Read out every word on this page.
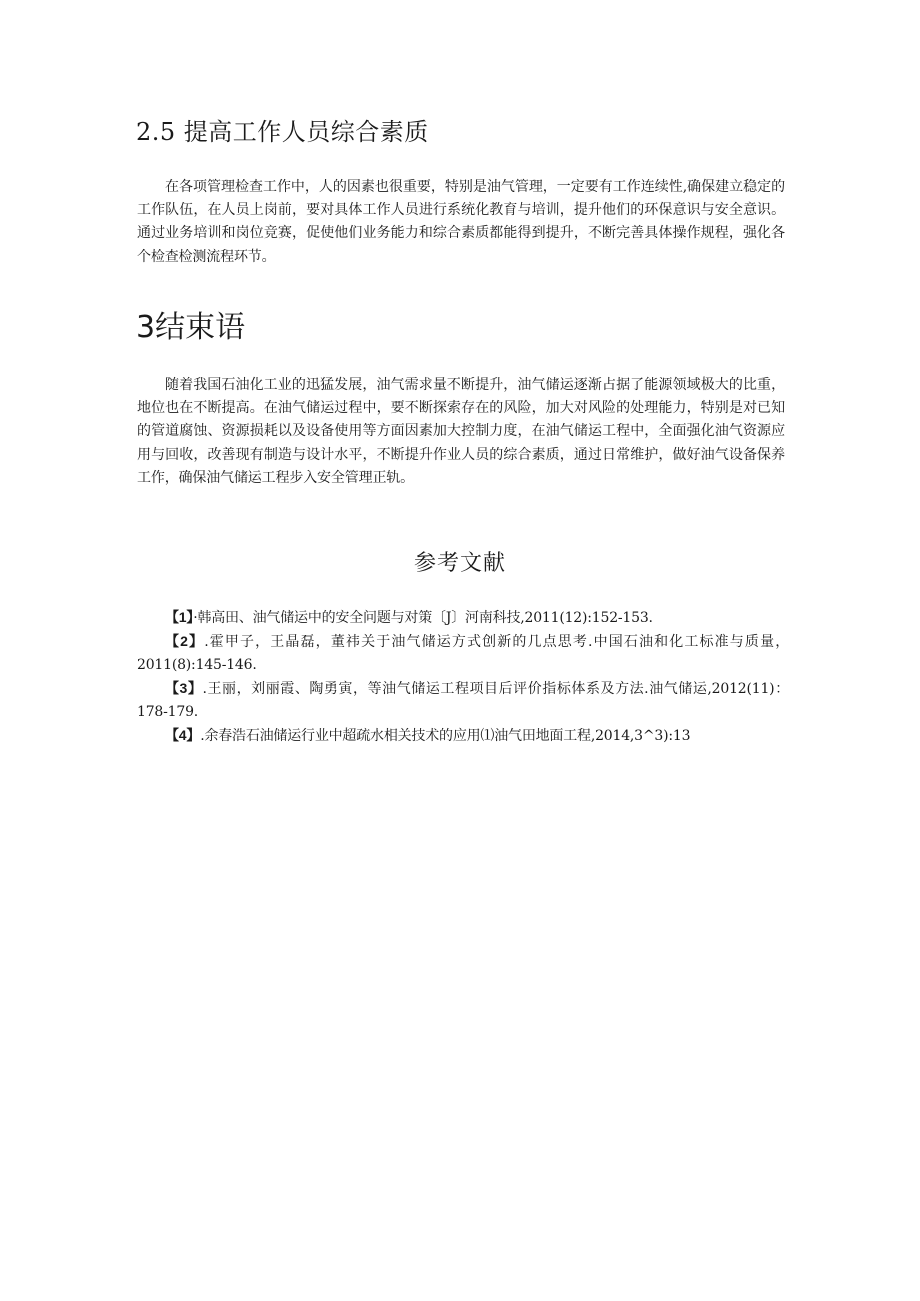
2.5 提高工作人员综合素质

在各项管理检查工作中，人的因素也很重要，特别是油气管理，一定要有工作连续性,确保建立稳定的工作队伍，在人员上岗前，要对具体工作人员进行系统化教育与培训，提升他们的环保意识与安全意识。通过业务培训和岗位竞赛，促使他们业务能力和综合素质都能得到提升，不断完善具体操作规程，强化各个检查检测流程环节。

3结束语

随着我国石油化工业的迅猛发展，油气需求量不断提升，油气储运逐渐占据了能源领域极大的比重，地位也在不断提高。在油气储运过程中，要不断探索存在的风险，加大对风险的处理能力，特别是对已知的管道腐蚀、资源损耗以及设备使用等方面因素加大控制力度，在油气储运工程中，全面强化油气资源应用与回收，改善现有制造与设计水平，不断提升作业人员的综合素质，通过日常维护，做好油气设备保养工作，确保油气储运工程步入安全管理正轨。

参考文献
【1】·韩高田、油气储运中的安全问题与对策〔J〕河南科技,2011(12):152-153.
【2】.霍甲子，王晶磊，董祎关于油气储运方式创新的几点思考.中国石油和化工标准与质量，2011(8):145-146.
【3】.王丽，刘丽霞、陶勇寅，等油气储运工程项目后评价指标体系及方法.油气储运,2012(11)：178-179.
【4】.余春浩石油储运行业中超疏水相关技术的应用⑴油气田地面工程,2014,3^3):13
